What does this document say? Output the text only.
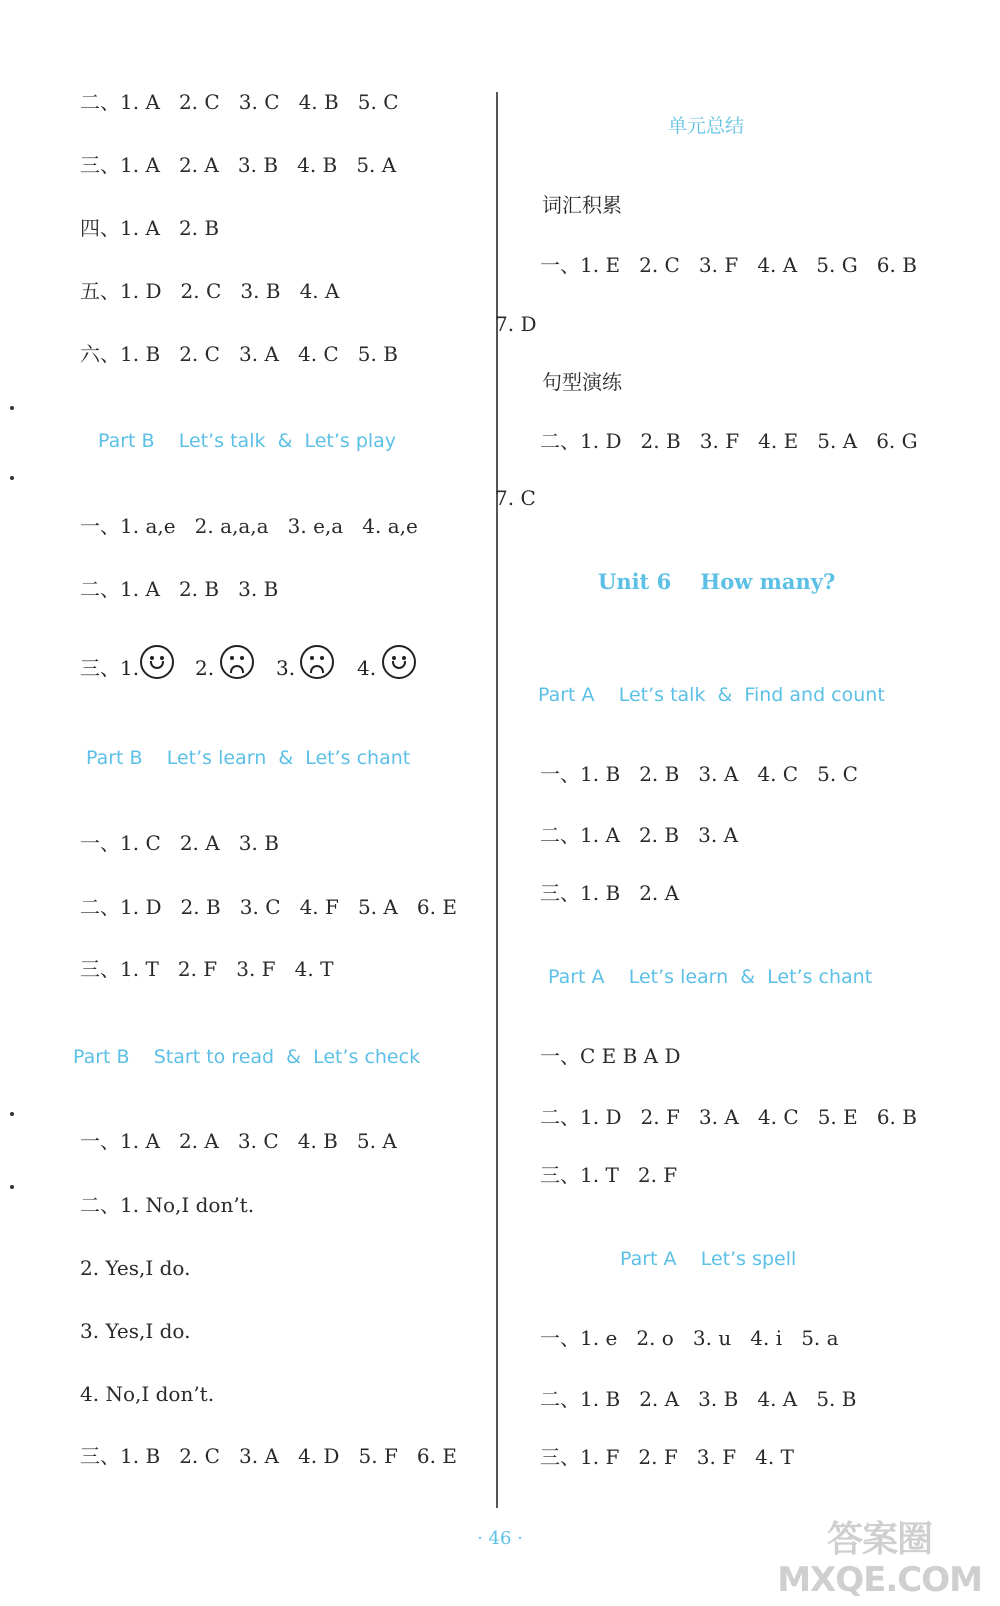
二、1. A   2. C   3. C   4. B   5. C
三、1. A   2. A   3. B   4. B   5. A
四、1. A   2. B
五、1. D   2. C   3. B   4. A
六、1. B   2. C   3. A   4. C   5. B
Part B    Let’s talk  &  Let’s play
一、1. a,e   2. a,a,a   3. e,a   4. a,e
二、1. A   2. B   3. B
三、1.	2.	3.	4.
Part B    Let’s learn  &  Let’s chant
一、1. C   2. A   3. B
二、1. D   2. B   3. C   4. F   5. A   6. E
三、1. T   2. F   3. F   4. T
Part B    Start to read  &  Let’s check
一、1. A   2. A   3. C   4. B   5. A
二、1. No,I don’t.
2. Yes,I do.
3. Yes,I do.
4. No,I don’t.
三、1. B   2. C   3. A   4. D   5. F   6. E
单元总结
词汇积累
一、1. E   2. C   3. F   4. A   5. G   6. B
7. D
句型演练
二、1. D   2. B   3. F   4. E   5. A   6. G
7. C
Unit 6    How many?
Part A    Let’s talk  &  Find and count
一、1. B   2. B   3. A   4. C   5. C
二、1. A   2. B   3. A
三、1. B   2. A
Part A    Let’s learn  &  Let’s chant
一、C E B A D
二、1. D   2. F   3. A   4. C   5. E   6. B
三、1. T   2. F
Part A    Let’s spell
一、1. e   2. o   3. u   4. i   5. a
二、1. B   2. A   3. B   4. A   5. B
三、1. F   2. F   3. F   4. T
· 46 ·	答案圈
MXQE.COM
